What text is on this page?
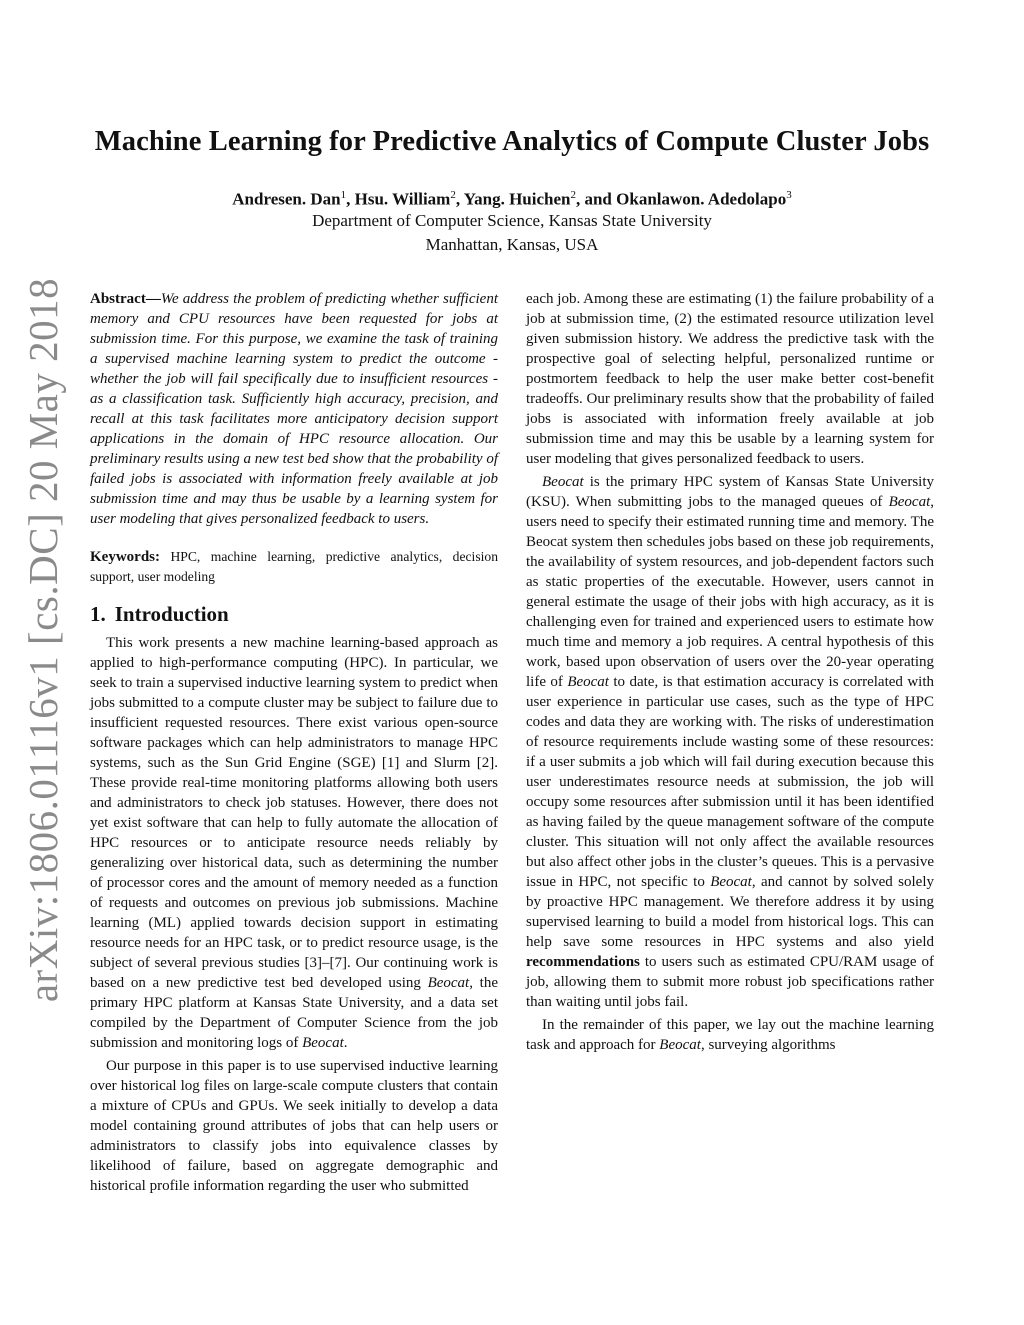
arXiv:1806.01116v1 [cs.DC] 20 May 2018
Machine Learning for Predictive Analytics of Compute Cluster Jobs
Andresen. Dan$^1$, Hsu. William$^2$, Yang. Huichen$^2$, and Okanlawon. Adedolapo$^3$
Department of Computer Science, Kansas State University
Manhattan, Kansas, USA

Abstract—We address the problem of predicting whether sufficient memory and CPU resources have been requested for jobs at submission time. For this purpose, we examine the task of training a supervised machine learning system to predict the outcome - whether the job will fail specifically due to insufficient resources - as a classification task. Sufficiently high accuracy, precision, and recall at this task facilitates more anticipatory decision support applications in the domain of HPC resource allocation. Our preliminary results using a new test bed show that the probability of failed jobs is associated with information freely available at job submission time and may thus be usable by a learning system for user modeling that gives personalized feedback to users.

Keywords: HPC, machine learning, predictive analytics, decision support, user modeling

1. Introduction

This work presents a new machine learning-based approach as applied to high-performance computing (HPC). In particular, we seek to train a supervised inductive learning system to predict when jobs submitted to a compute cluster may be subject to failure due to insufficient requested resources. There exist various open-source software packages which can help administrators to manage HPC systems, such as the Sun Grid Engine (SGE) [1] and Slurm [2]. These provide real-time monitoring platforms allowing both users and administrators to check job statuses. However, there does not yet exist software that can help to fully automate the allocation of HPC resources or to anticipate resource needs reliably by generalizing over historical data, such as determining the number of processor cores and the amount of memory needed as a function of requests and outcomes on previous job submissions. Machine learning (ML) applied towards decision support in estimating resource needs for an HPC task, or to predict resource usage, is the subject of several previous studies [3]–[7]. Our continuing work is based on a new predictive test bed developed using Beocat, the primary HPC platform at Kansas State University, and a data set compiled by the Department of Computer Science from the job submission and monitoring logs of Beocat.

Our purpose in this paper is to use supervised inductive learning over historical log files on large-scale compute clusters that contain a mixture of CPUs and GPUs. We seek initially to develop a data model containing ground attributes of jobs that can help users or administrators to classify jobs into equivalence classes by likelihood of failure, based on aggregate demographic and historical profile information regarding the user who submitted

each job. Among these are estimating (1) the failure probability of a job at submission time, (2) the estimated resource utilization level given submission history. We address the predictive task with the prospective goal of selecting helpful, personalized runtime or postmortem feedback to help the user make better cost-benefit tradeoffs. Our preliminary results show that the probability of failed jobs is associated with information freely available at job submission time and may this be usable by a learning system for user modeling that gives personalized feedback to users.

Beocat is the primary HPC system of Kansas State University (KSU). When submitting jobs to the managed queues of Beocat, users need to specify their estimated running time and memory. The Beocat system then schedules jobs based on these job requirements, the availability of system resources, and job-dependent factors such as static properties of the executable. However, users cannot in general estimate the usage of their jobs with high accuracy, as it is challenging even for trained and experienced users to estimate how much time and memory a job requires. A central hypothesis of this work, based upon observation of users over the 20-year operating life of Beocat to date, is that estimation accuracy is correlated with user experience in particular use cases, such as the type of HPC codes and data they are working with. The risks of underestimation of resource requirements include wasting some of these resources: if a user submits a job which will fail during execution because this user underestimates resource needs at submission, the job will occupy some resources after submission until it has been identified as having failed by the queue management software of the compute cluster. This situation will not only affect the available resources but also affect other jobs in the cluster’s queues. This is a pervasive issue in HPC, not specific to Beocat, and cannot by solved solely by proactive HPC management. We therefore address it by using supervised learning to build a model from historical logs. This can help save some resources in HPC systems and also yield recommendations to users such as estimated CPU/RAM usage of job, allowing them to submit more robust job specifications rather than waiting until jobs fail.

In the remainder of this paper, we lay out the machine learning task and approach for Beocat, surveying algorithms
